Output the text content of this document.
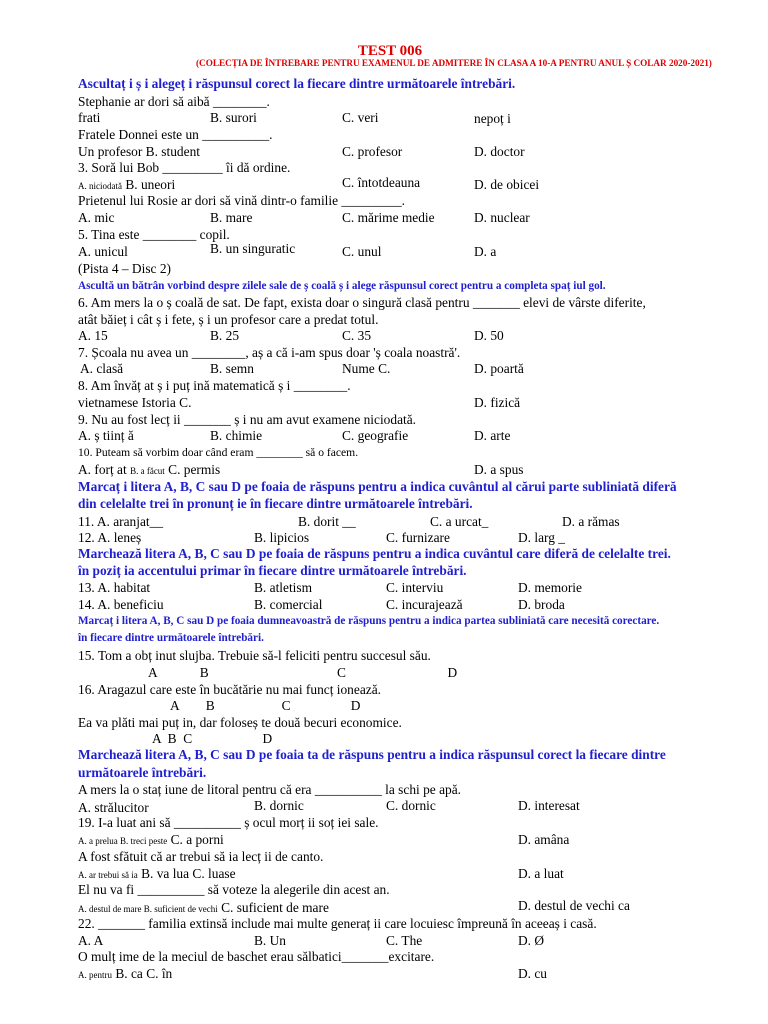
TEST 006
(COLECȚIA DE ÎNTREBARE PENTRU EXAMENUL DE ADMITERE ÎN CLASA A 10-A PENTRU ANUL Ș COLAR 2020-2021)
Ascultaț i ș i alegeț i răspunsul corect la fiecare dintre următoarele întrebări.
Stephanie ar dori să aibă ________.
frati	B. surori	C. veri	nepoț i
Fratele Donnei este un __________.
Un profesor B. student	C. profesor	D. doctor
3. Soră lui Bob _________ îi dă ordine.
A. niciodată B. uneori	C. întotdeauna	D. de obicei
Prietenul lui Rosie ar dori să vină dintr-o familie _________.
A. mic	B. mare	C. mărime medie	D. nuclear
5. Tina este ________ copil.
A. unicul	B. un singuratic	C. unul	D. a
(Pista 4 – Disc 2)
Ascultă un bătrân vorbind despre zilele sale de ș coală ș i alege răspunsul corect pentru a completa spaț iul gol.
6. Am mers la o ș coală de sat. De fapt, exista doar o singură clasă pentru _______ elevi de vârste diferite,
atât băieț i cât ș i fete, ș i un profesor care a predat totul.
A. 15	B. 25	C. 35	D. 50
7. Școala nu avea un ________, aș a că i-am spus doar 'ș coala noastră'.
A. clasă	B. semn	Nume C.	D. poartă
8. Am învăț at ș i puț ină matematică ș i ________.
vietnamese Istoria C.	D. fizică
9. Nu au fost lecț ii _______ ș i nu am avut examene niciodată.
A. ș tiinț ă	B. chimie	C. geografie	D. arte
10. Puteam să vorbim doar când eram ________ să o facem.
A. forț at B. a făcut C. permis	D. a spus
Marcaț i litera A, B, C sau D pe foaia de răspuns pentru a indica cuvântul al cărui parte subliniată diferă
din celelalte trei în pronunț ie în fiecare dintre următoarele întrebări.
11. A. aranjat__	B. dorit __	C. a urcat_	D. a rămas
12. A. leneș	B. lipicios	C. furnizare	D. larg _
Marchează litera A, B, C sau D pe foaia de răspuns pentru a indica cuvântul care diferă de celelalte trei.
în poziț ia accentului primar în fiecare dintre următoarele întrebări.
13. A. habitat	B. atletism	C. interviu	D. memorie
14. A. beneficiu	B. comercial	C. incurajează	D. broda
Marcaț i litera A, B, C sau D pe foaia dumneavoastră de răspuns pentru a indica partea subliniată care necesită corectare.
în fiecare dintre următoarele întrebări.
15. Tom a obț inut slujba. Trebuie să-l feliciti pentru succesul său.
A        B                        C                   D
16. Aragazul care este în bucătărie nu mai funcț ionează.
A        B                    C                  D
Ea va plăti mai puț in, dar foloseș te două becuri economice.
A  B  C                     D
Marchează litera A, B, C sau D pe foaia ta de răspuns pentru a indica răspunsul corect la fiecare dintre
următoarele întrebări.
A mers la o staț iune de litoral pentru că era __________ la schi pe apă.
A. strălucitor	B. dornic	C. dornic	D. interesat
19. I-a luat ani să __________ ș ocul morț ii soț iei sale.
A. a prelua B. treci peste C. a porni	D. amâna
A fost sfătuit că ar trebui să ia lecț ii de canto.
A. ar trebui să ia B. va lua C. luase	D. a luat
El nu va fi __________ să voteze la alegerile din acest an.
A. destul de mare B. suficient de vechi C. suficient de mare	D. destul de vechi ca
22. _______ familia extinsă include mai multe generaț ii care locuiesc împreună în aceeaș i casă.
A. A	B. Un	C. The	D. Ø
O mulț ime de la meciul de baschet erau sălbatici_______excitare.
A. pentru B. ca C. în	D. cu
